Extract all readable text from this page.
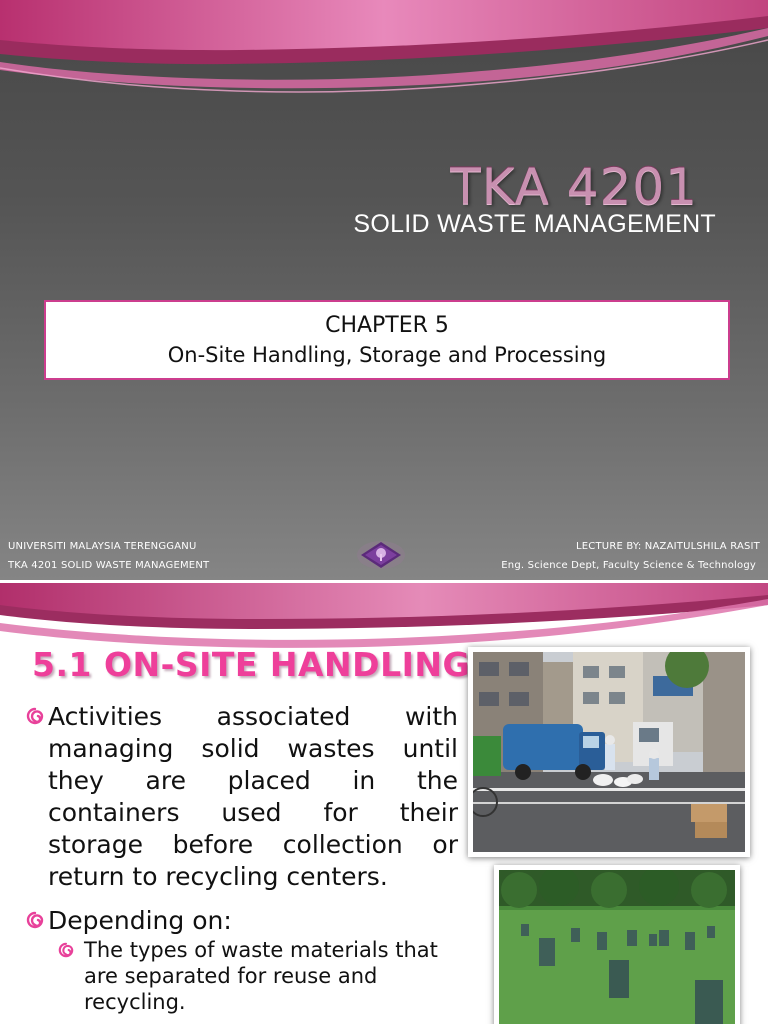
TKA 4201
SOLID WASTE MANAGEMENT
CHAPTER 5
On-Site Handling, Storage and Processing
UNIVERSITI MALAYSIA TERENGGANU
TKA 4201 SOLID WASTE MANAGEMENT
LECTURE BY: NAZAITULSHILA RASIT
Eng. Science Dept, Faculty Science & Technology
5.1 ON-SITE HANDLING
Activities associated with managing solid wastes until they are placed in the containers used for their storage before collection or return to recycling centers.
Depending on:
The types of waste materials that are separated for reuse and recycling.
